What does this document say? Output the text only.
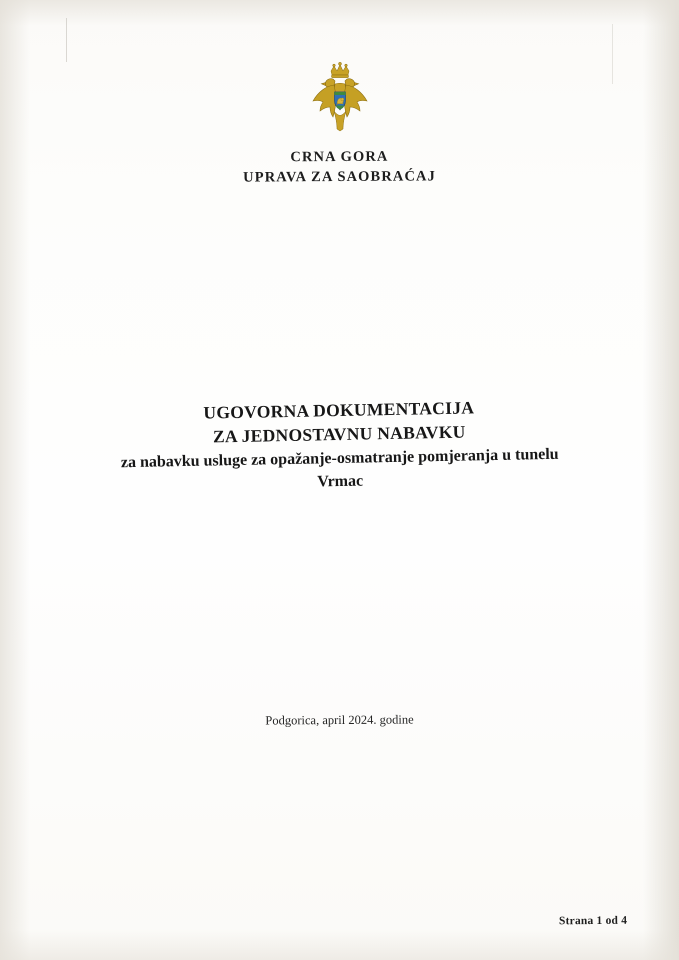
CRNA GORA
UPRAVA ZA SAOBRAĆAJ
UGOVORNA DOKUMENTACIJA
ZA JEDNOSTAVNU NABAVKU
za nabavku usluge za opažanje-osmatranje pomjeranja u tunelu
Vrmac
Podgorica, april 2024. godine
Strana 1 od 4
